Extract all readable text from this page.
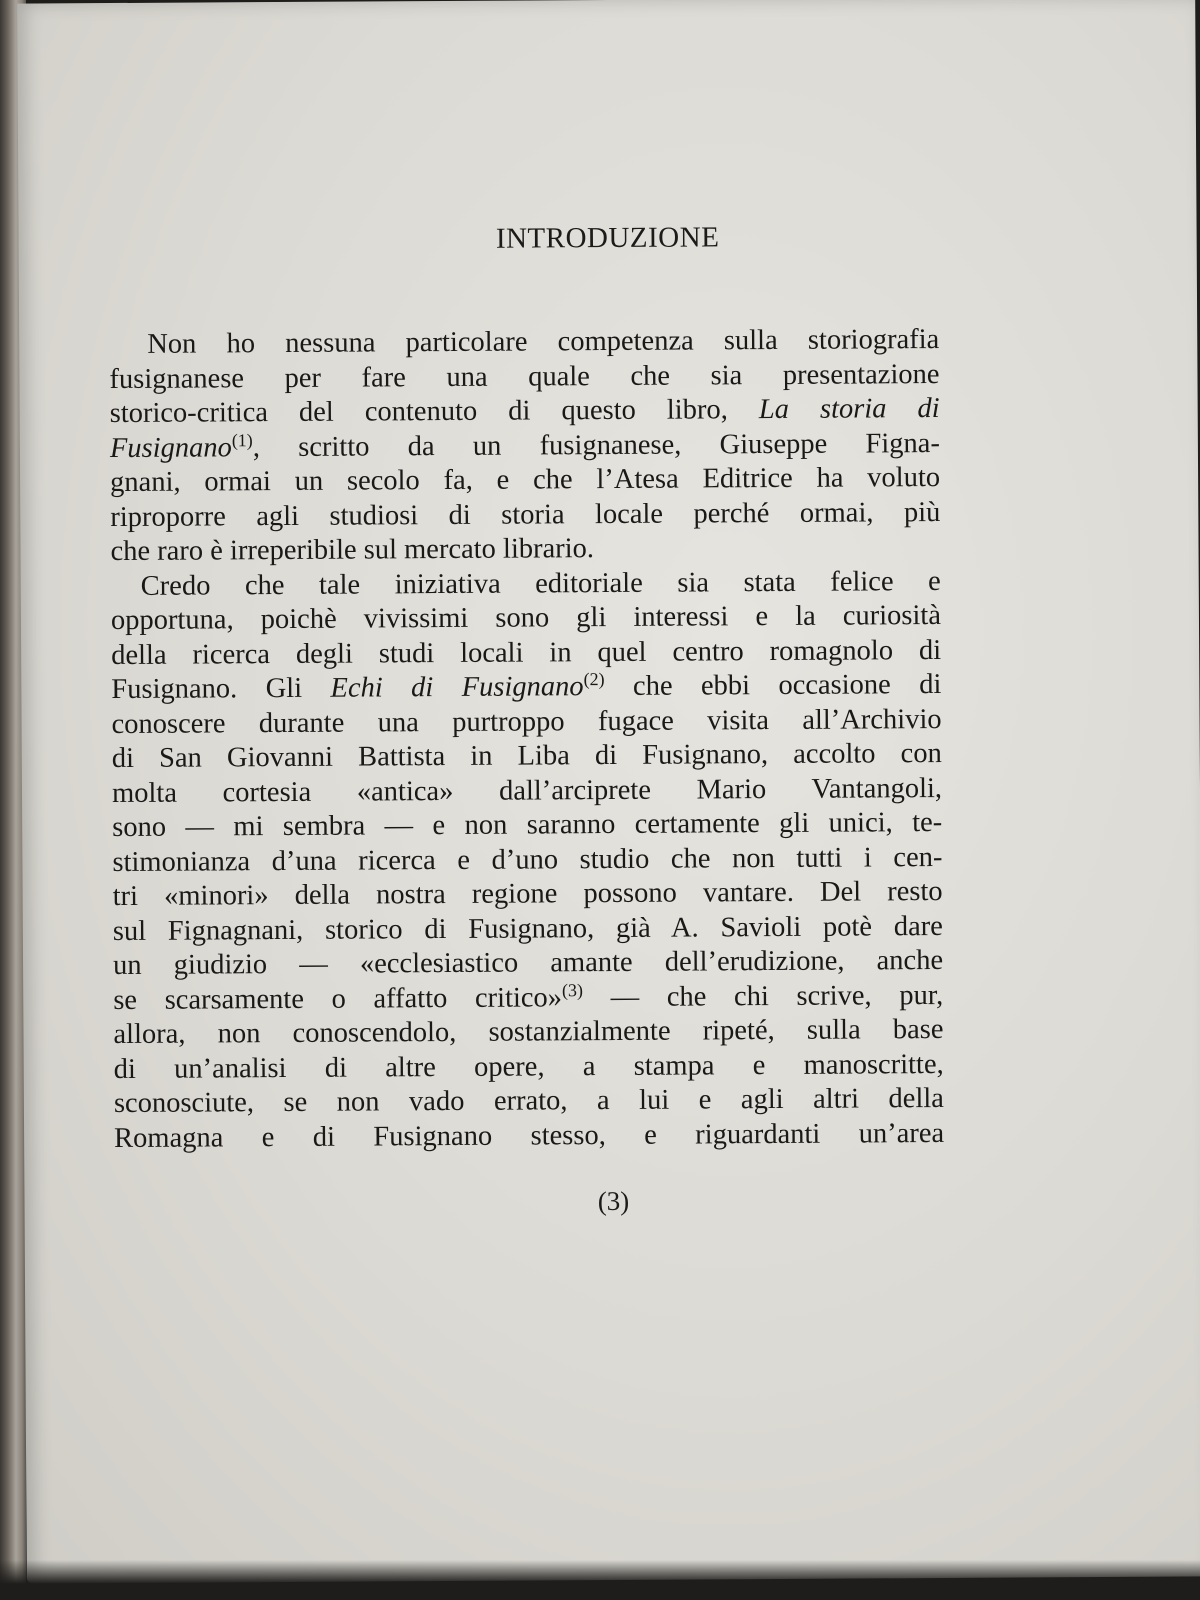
INTRODUZIONE
Non ho nessuna particolare competenza sulla storiografia
fusignanese per fare una quale che sia presentazione
storico-critica del contenuto di questo libro, La storia di
Fusignano$^{(1)}$, scritto da un fusignanese, Giuseppe Figna-
gnani, ormai un secolo fa, e che l’Atesa Editrice ha voluto
riproporre agli studiosi di storia locale perché ormai, più
che raro è irreperibile sul mercato librario.
Credo che tale iniziativa editoriale sia stata felice e
opportuna, poichè vivissimi sono gli interessi e la curiosità
della ricerca degli studi locali in quel centro romagnolo di
Fusignano. Gli Echi di Fusignano$^{(2)}$ che ebbi occasione di
conoscere durante una purtroppo fugace visita all’Archivio
di San Giovanni Battista in Liba di Fusignano, accolto con
molta cortesia «antica» dall’arciprete Mario Vantangoli,
sono — mi sembra — e non saranno certamente gli unici, te-
stimonianza d’una ricerca e d’uno studio che non tutti i cen-
tri «minori» della nostra regione possono vantare. Del resto
sul Fignagnani, storico di Fusignano, già A. Savioli potè dare
un giudizio — «ecclesiastico amante dell’erudizione, anche
se scarsamente o affatto critico»$^{(3)}$ — che chi scrive, pur,
allora, non conoscendolo, sostanzialmente ripeté, sulla base
di un’analisi di altre opere, a stampa e manoscritte,
sconosciute, se non vado errato, a lui e agli altri della
Romagna e di Fusignano stesso, e riguardanti un’area
(3)
